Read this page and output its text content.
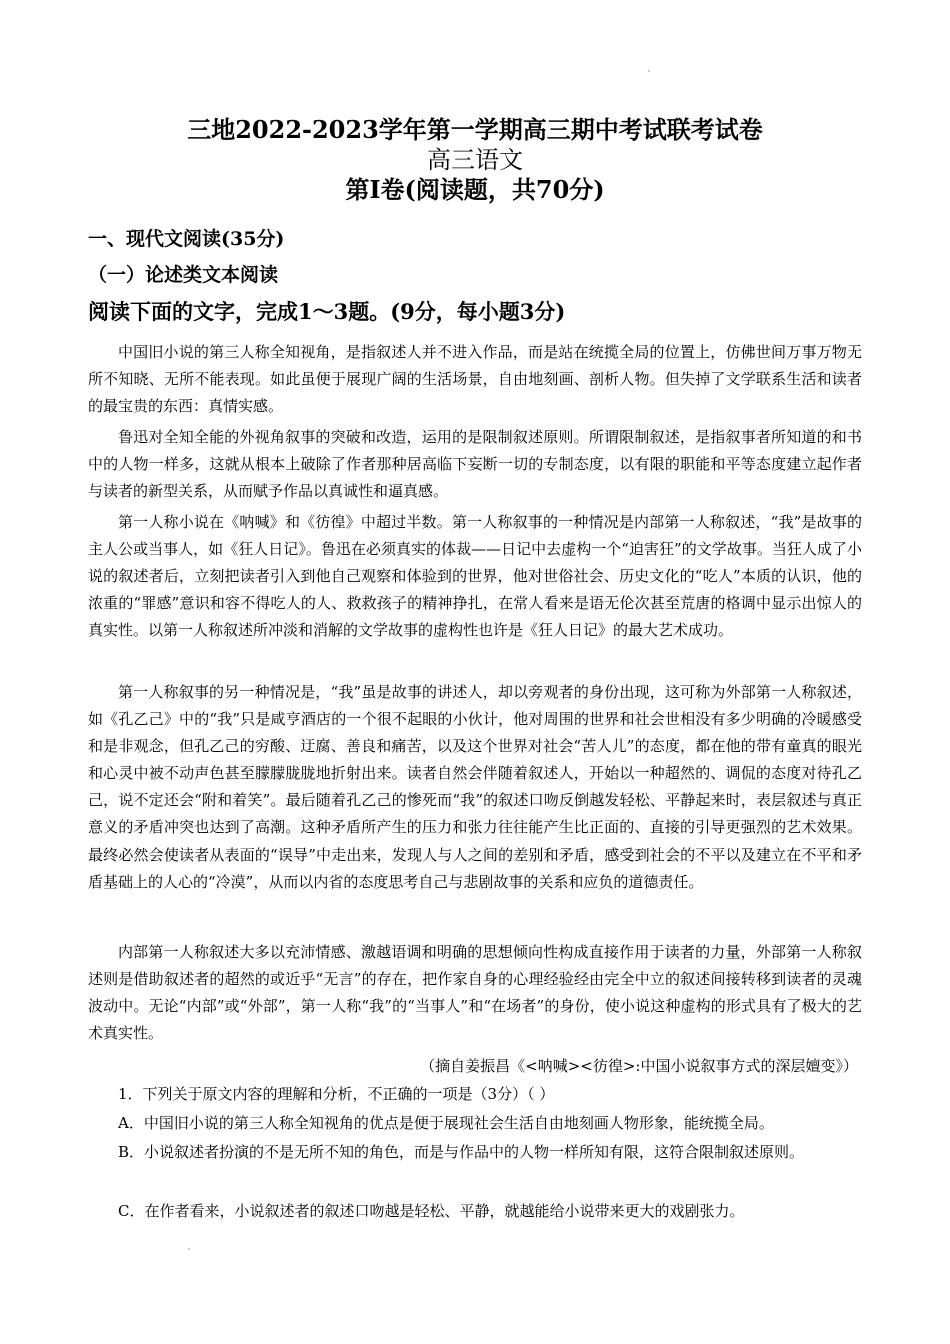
三地2022-2023学年第一学期高三期中考试联考试卷
高三语文
第Ⅰ卷(阅读题，共70分)
一、现代文阅读(35分)
（一）论述类文本阅读
阅读下面的文字，完成1～3题。(9分，每小题3分)
中国旧小说的第三人称全知视角，是指叙述人并不进入作品，而是站在统揽全局的位置上，仿佛世间万事万物无所不知晓、无所不能表现。如此虽便于展现广阔的生活场景，自由地刻画、剖析人物。但失掉了文学联系生活和读者的最宝贵的东西：真情实感。
鲁迅对全知全能的外视角叙事的突破和改造，运用的是限制叙述原则。所谓限制叙述，是指叙事者所知道的和书中的人物一样多，这就从根本上破除了作者那种居高临下妄断一切的专制态度，以有限的职能和平等态度建立起作者与读者的新型关系，从而赋予作品以真诚性和逼真感。
第一人称小说在《呐喊》和《彷徨》中超过半数。第一人称叙事的一种情况是内部第一人称叙述，“我”是故事的主人公或当事人，如《狂人日记》。鲁迅在必须真实的体裁——日记中去虚构一个“迫害狂”的文学故事。当狂人成了小说的叙述者后，立刻把读者引入到他自己观察和体验到的世界，他对世俗社会、历史文化的“吃人”本质的认识，他的浓重的“罪感”意识和容不得吃人的人、救救孩子的精神挣扎，在常人看来是语无伦次甚至荒唐的格调中显示出惊人的真实性。以第一人称叙述所冲淡和消解的文学故事的虚构性也许是《狂人日记》的最大艺术成功。
第一人称叙事的另一种情况是，“我”虽是故事的讲述人，却以旁观者的身份出现，这可称为外部第一人称叙述，如《孔乙己》中的“我”只是咸亨酒店的一个很不起眼的小伙计，他对周围的世界和社会世相没有多少明确的冷暖感受和是非观念，但孔乙己的穷酸、迂腐、善良和痛苦，以及这个世界对社会“苦人儿”的态度，都在他的带有童真的眼光和心灵中被不动声色甚至朦朦胧胧地折射出来。读者自然会伴随着叙述人，开始以一种超然的、调侃的态度对待孔乙己，说不定还会“附和着笑”。最后随着孔乙己的惨死而“我”的叙述口吻反倒越发轻松、平静起来时，表层叙述与真正意义的矛盾冲突也达到了高潮。这种矛盾所产生的压力和张力往往能产生比正面的、直接的引导更强烈的艺术效果。最终必然会使读者从表面的“误导”中走出来，发现人与人之间的差别和矛盾，感受到社会的不平以及建立在不平和矛盾基础上的人心的“冷漠”，从而以内省的态度思考自己与悲剧故事的关系和应负的道德责任。
内部第一人称叙述大多以充沛情感、激越语调和明确的思想倾向性构成直接作用于读者的力量，外部第一人称叙述则是借助叙述者的超然的或近乎“无言”的存在，把作家自身的心理经验经由完全中立的叙述间接转移到读者的灵魂波动中。无论“内部”或“外部”，第一人称“我”的“当事人”和“在场者”的身份，使小说这种虚构的形式具有了极大的艺术真实性。
（摘自姜振昌《<呐喊><彷徨>:中国小说叙事方式的深层嬗变》）
1．下列关于原文内容的理解和分析，不正确的一项是（3分）（ ）
A．中国旧小说的第三人称全知视角的优点是便于展现社会生活自由地刻画人物形象，能统揽全局。
B．小说叙述者扮演的不是无所不知的角色，而是与作品中的人物一样所知有限，这符合限制叙述原则。
C．在作者看来，小说叙述者的叙述口吻越是轻松、平静，就越能给小说带来更大的戏剧张力。
